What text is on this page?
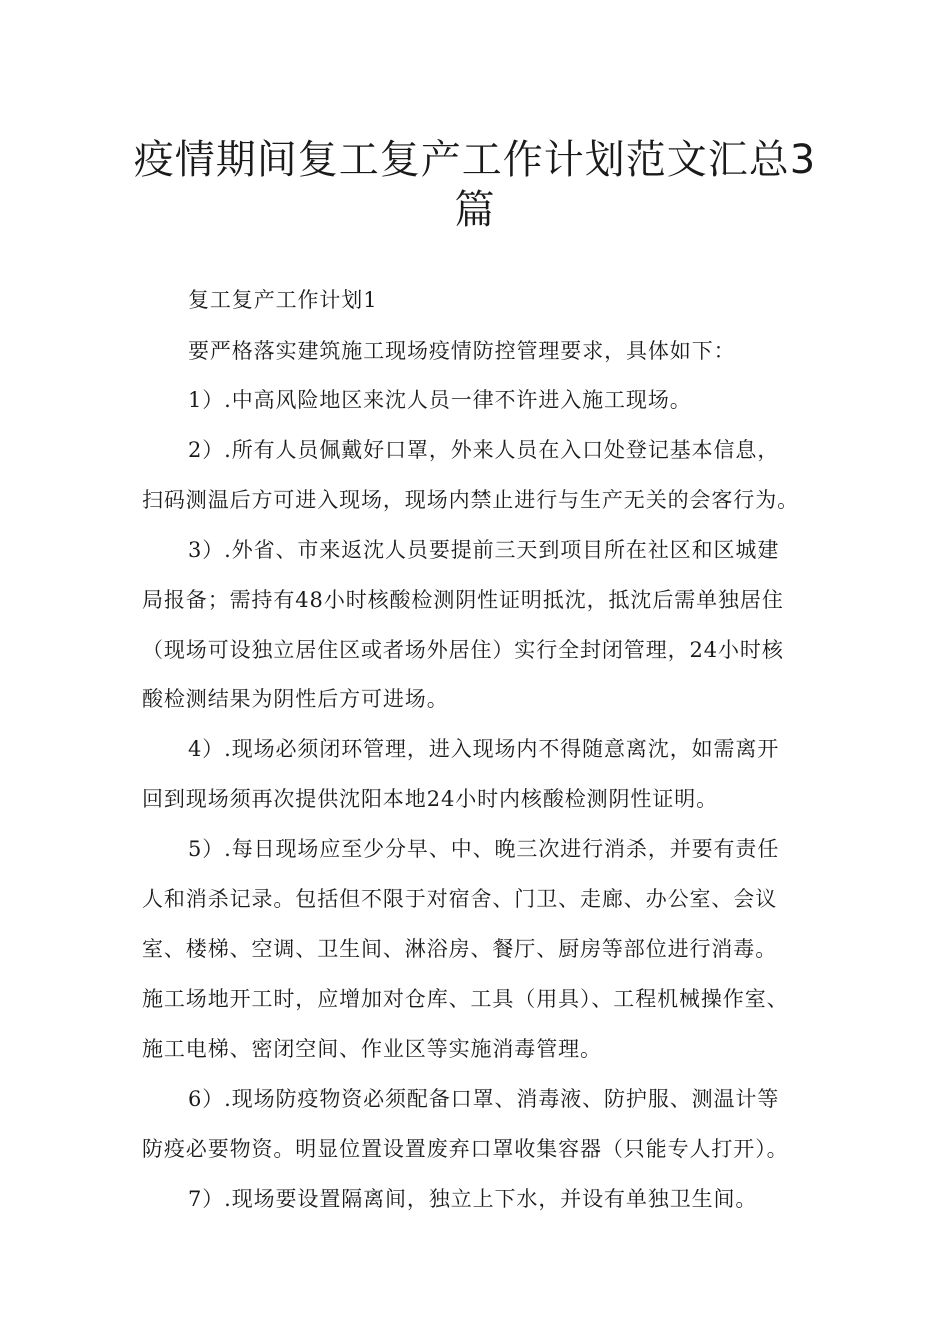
疫情期间复工复产工作计划范文汇总3
篇
复工复产工作计划1
要严格落实建筑施工现场疫情防控管理要求，具体如下：
1）.中高风险地区来沈人员一律不许进入施工现场。
2）.所有人员佩戴好口罩，外来人员在入口处登记基本信息，
扫码测温后方可进入现场，现场内禁止进行与生产无关的会客行为。
3）.外省、市来返沈人员要提前三天到项目所在社区和区城建
局报备；需持有48小时核酸检测阴性证明抵沈，抵沈后需单独居住
（现场可设独立居住区或者场外居住）实行全封闭管理，24小时核
酸检测结果为阴性后方可进场。
4）.现场必须闭环管理，进入现场内不得随意离沈，如需离开
回到现场须再次提供沈阳本地24小时内核酸检测阴性证明。
5）.每日现场应至少分早、中、晚三次进行消杀，并要有责任
人和消杀记录。包括但不限于对宿舍、门卫、走廊、办公室、会议
室、楼梯、空调、卫生间、淋浴房、餐厅、厨房等部位进行消毒。
施工场地开工时，应增加对仓库、工具（用具）、工程机械操作室、
施工电梯、密闭空间、作业区等实施消毒管理。
6）.现场防疫物资必须配备口罩、消毒液、防护服、测温计等
防疫必要物资。明显位置设置废弃口罩收集容器（只能专人打开）。
7）.现场要设置隔离间，独立上下水，并设有单独卫生间。
